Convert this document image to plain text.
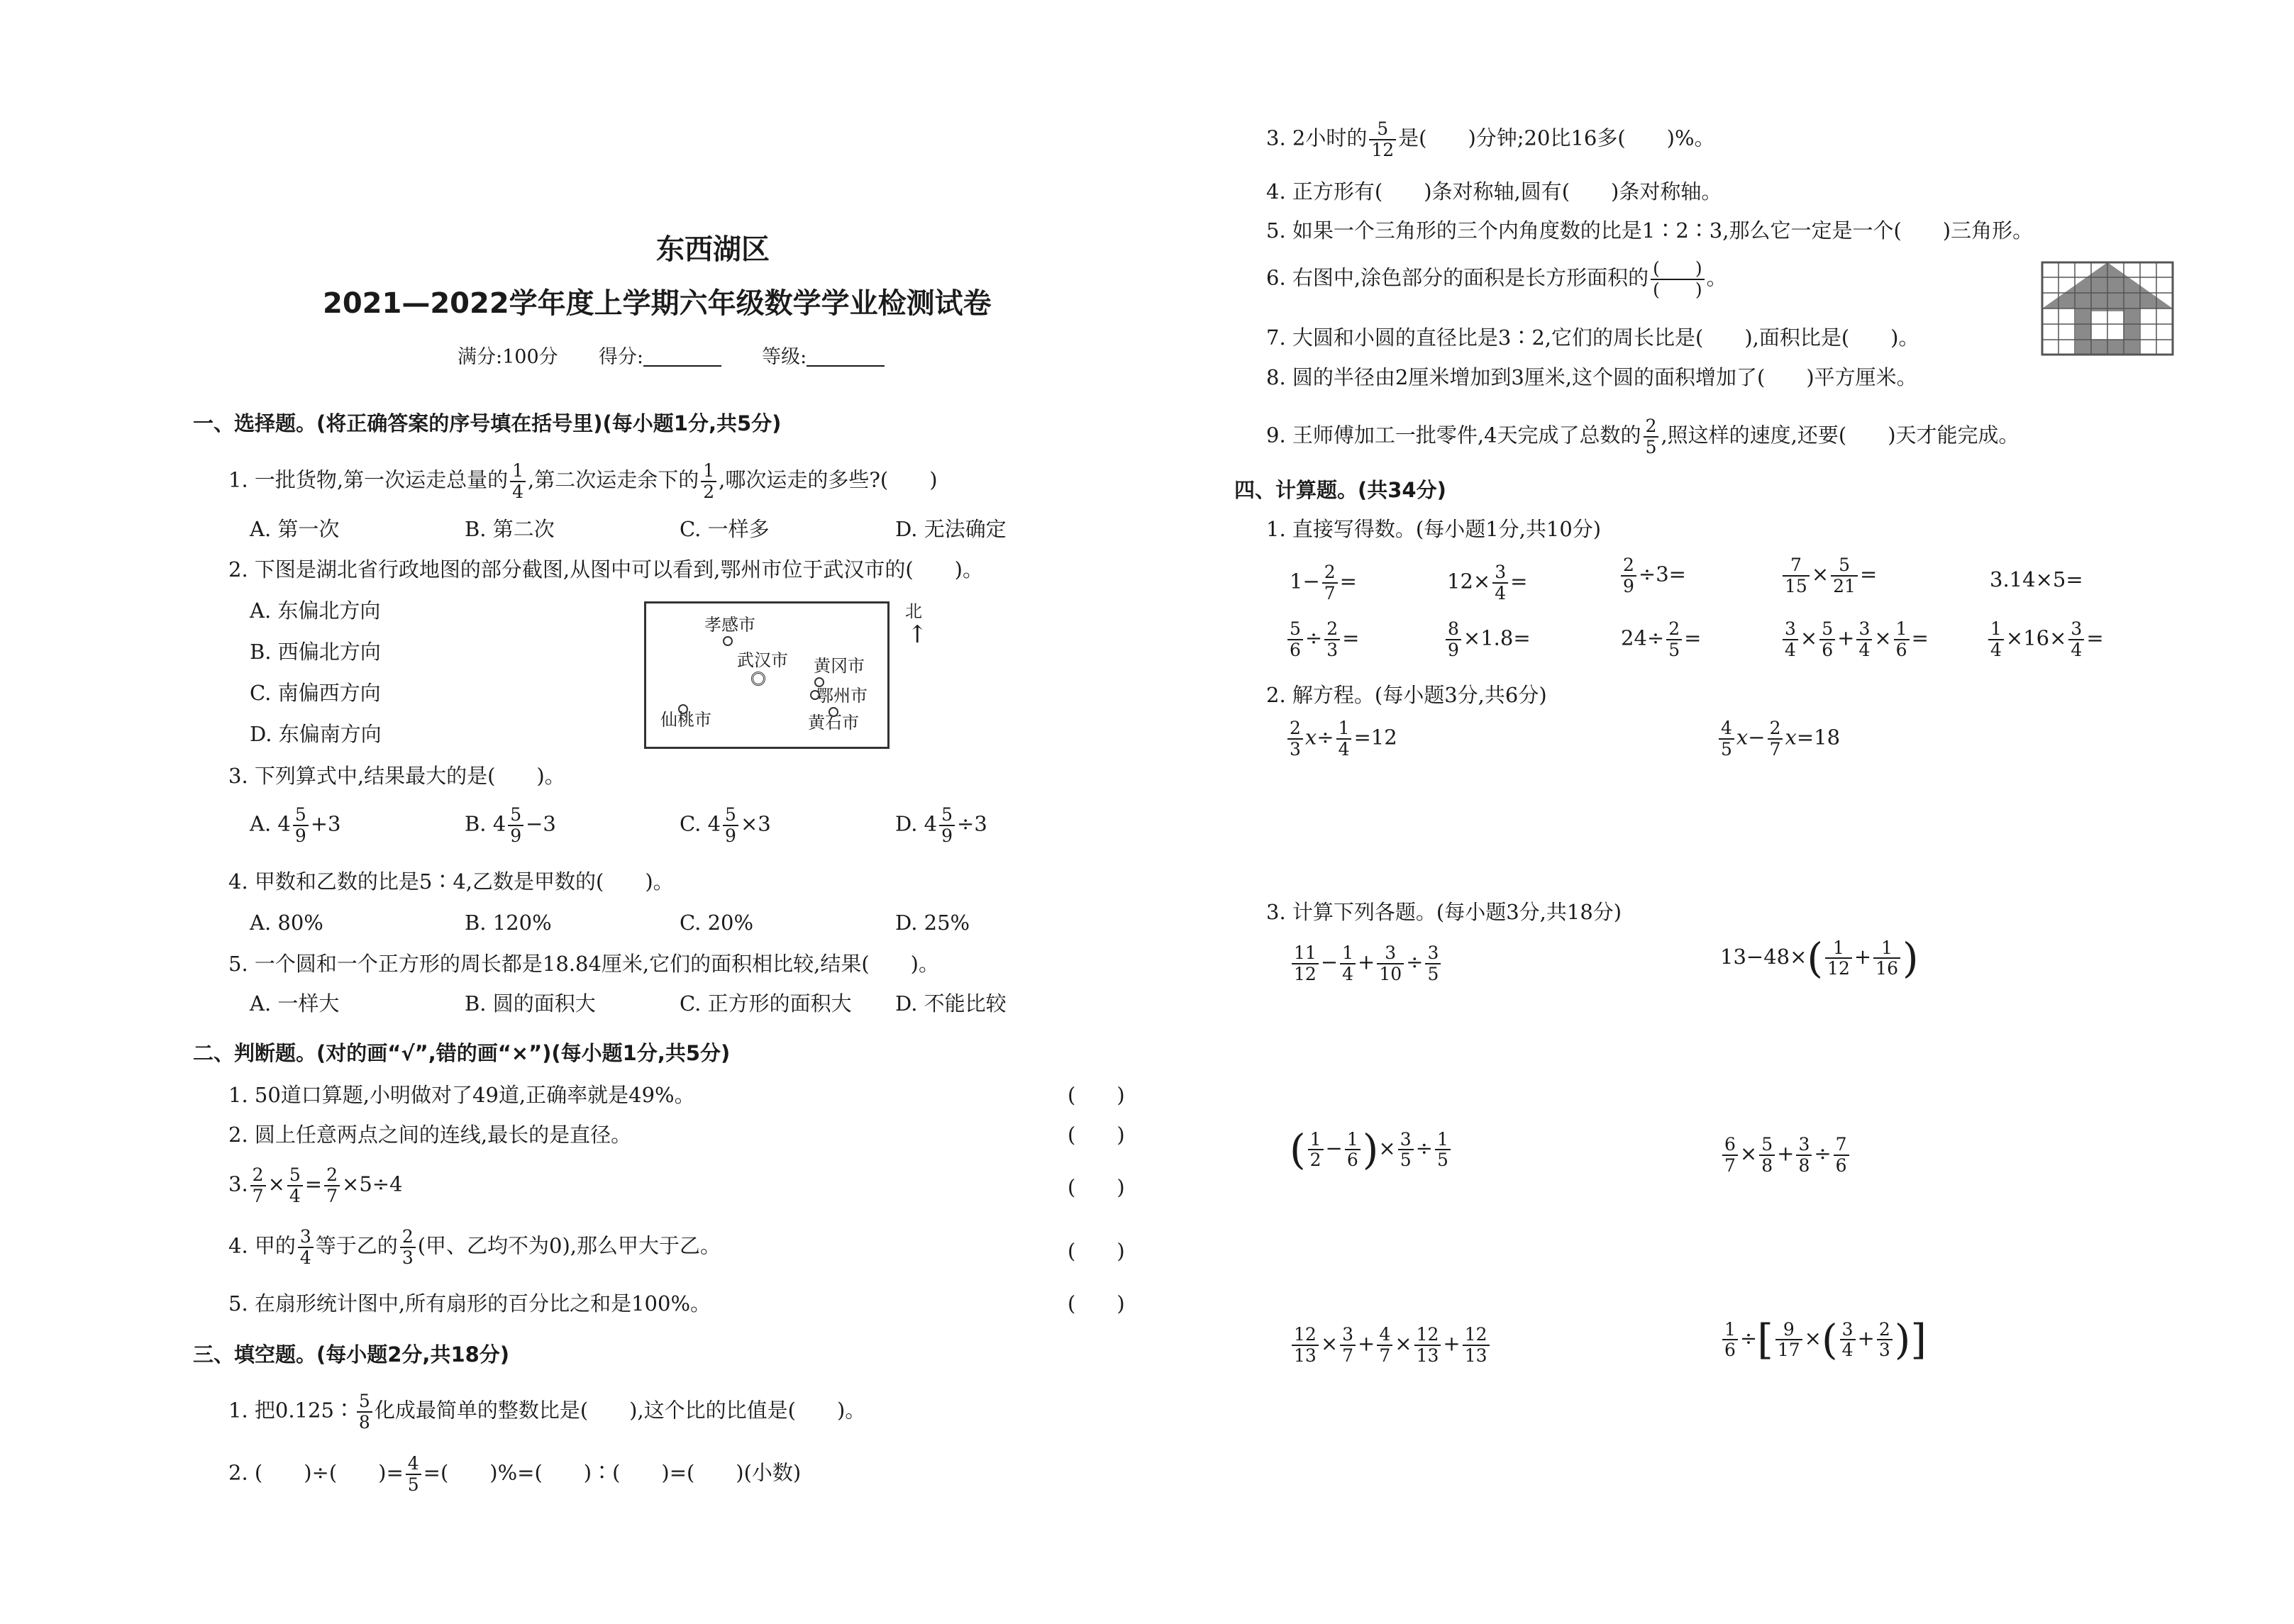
东西湖区
2021—2022学年度上学期六年级数学学业检测试卷
满分:100分 得分:	等级:
一、选择题。(将正确答案的序号填在括号里)(每小题1分,共5分)
1. 一批货物,第一次运走总量的 $\frac{1}{4}$ ,第二次运走余下的 $\frac{1}{2}$ ,哪次运走的多些?(　　)
A. 第一次	B. 第二次	C. 一样多	D. 无法确定
2. 下图是湖北省行政地图的部分截图,从图中可以看到,鄂州市位于武汉市的(　　)。
A. 东偏北方向
B. 西偏北方向
C. 南偏西方向
D. 东偏南方向
孝感市
武汉市 黄冈市
鄂州市
黄石市
仙桃市
北
↑
3. 下列算式中,结果最大的是(　　)。
A. $4 \frac{5}{9} +3$	B. $4 \frac{5}{9} -3$	C. $4 \frac{5}{9} \times 3$	D. $4 \frac{5}{9} \div 3$
4. 甲数和乙数的比是5∶4,乙数是甲数的(　　)。
A. 80%	B. 120%	C. 20%	D. 25%
5. 一个圆和一个正方形的周长都是18.84厘米,它们的面积相比较,结果(　　)。
A. 一样大	B. 圆的面积大	C. 正方形的面积大 D. 不能比较
二、判断题。(对的画“√”,错的画“×”)(每小题1分,共5分)
1. 50道口算题,小明做对了49道,正确率就是49%。	(　　)
2. 圆上任意两点之间的连线,最长的是直径。	(　　)
3. $\frac{2}{7} \times \frac{5}{4} = \frac{2}{7} \times 5\div 4$	(　　)
4. 甲的 $\frac{3}{4}$ 等于乙的 $\frac{2}{3}$ (甲、乙均不为0),那么甲大于乙。	(　　)
5. 在扇形统计图中,所有扇形的百分比之和是100%。	(　　)
三、填空题。(每小题2分,共18分)
1. 把0.125∶ $\frac{5}{8}$ 化成最简单的整数比是(　　),这个比的比值是(　　)。
2. (　　)÷(　　)= $\frac{4}{5}$ =(　　)%=(　　)∶(　　)=(　　)(小数)
3. 2小时的 $\frac{5}{12}$ 是(　　)分钟;20比16多(　　)%。
4. 正方形有(　　)条对称轴,圆有(　　)条对称轴。
5. 如果一个三角形的三个内角度数的比是1∶2∶3,那么它一定是一个(　　)三角形。
6. 右图中,涂色部分的面积是长方形面积的 $\frac{( )}{( )}$ 。
7. 大圆和小圆的直径比是3∶2,它们的周长比是(　　),面积比是(　　)。
8. 圆的半径由2厘米增加到3厘米,这个圆的面积增加了(　　)平方厘米。
9. 王师傅加工一批零件,4天完成了总数的 $\frac{2}{5}$ ,照这样的速度,还要(　　)天才能完成。
四、计算题。(共34分)
1. 直接写得数。(每小题1分,共10分)
$1- \frac{2}{7}$ =	$12\times \frac{3}{4}$ =	$\frac{2}{9} \div 3=$	$\frac{7}{15} \times \frac{5}{21}$ =	3.14×5=
$\frac{5}{6} \div \frac{2}{3}$ =	$\frac{8}{9} \times 1.8=$	$24\div \frac{2}{5}$ =	$\frac{3}{4} \times \frac{5}{6} + \frac{3}{4} \times \frac{1}{6}$ =	$\frac{1}{4} \times 16\times \frac{3}{4}$ =
2. 解方程。(每小题3分,共6分)
$\frac{2}{3} x\div \frac{1}{4} =12$	$\frac{4}{5} x- \frac{2}{7} x=18$
3. 计算下列各题。(每小题3分,共18分)
$\frac{11}{12} - \frac{1}{4} + \frac{3}{10} \div \frac{3}{5}$	$13-48\times( \frac{1}{12} + \frac{1}{16}$ )
( $\frac{1}{2} - \frac{1}{6}$ )× $\frac{3}{5} \div \frac{1}{5}$	$\frac{6}{7} \times \frac{5}{8} + \frac{3}{8} \div \frac{7}{6}$
$\frac{12}{13} \times \frac{3}{7} + \frac{4}{7} \times \frac{12}{13} + \frac{12}{13}$	$\frac{1}{6}$ ÷[ $\frac{9}{17}$ ×( $\frac{3}{4} + \frac{2}{3}$ )]
